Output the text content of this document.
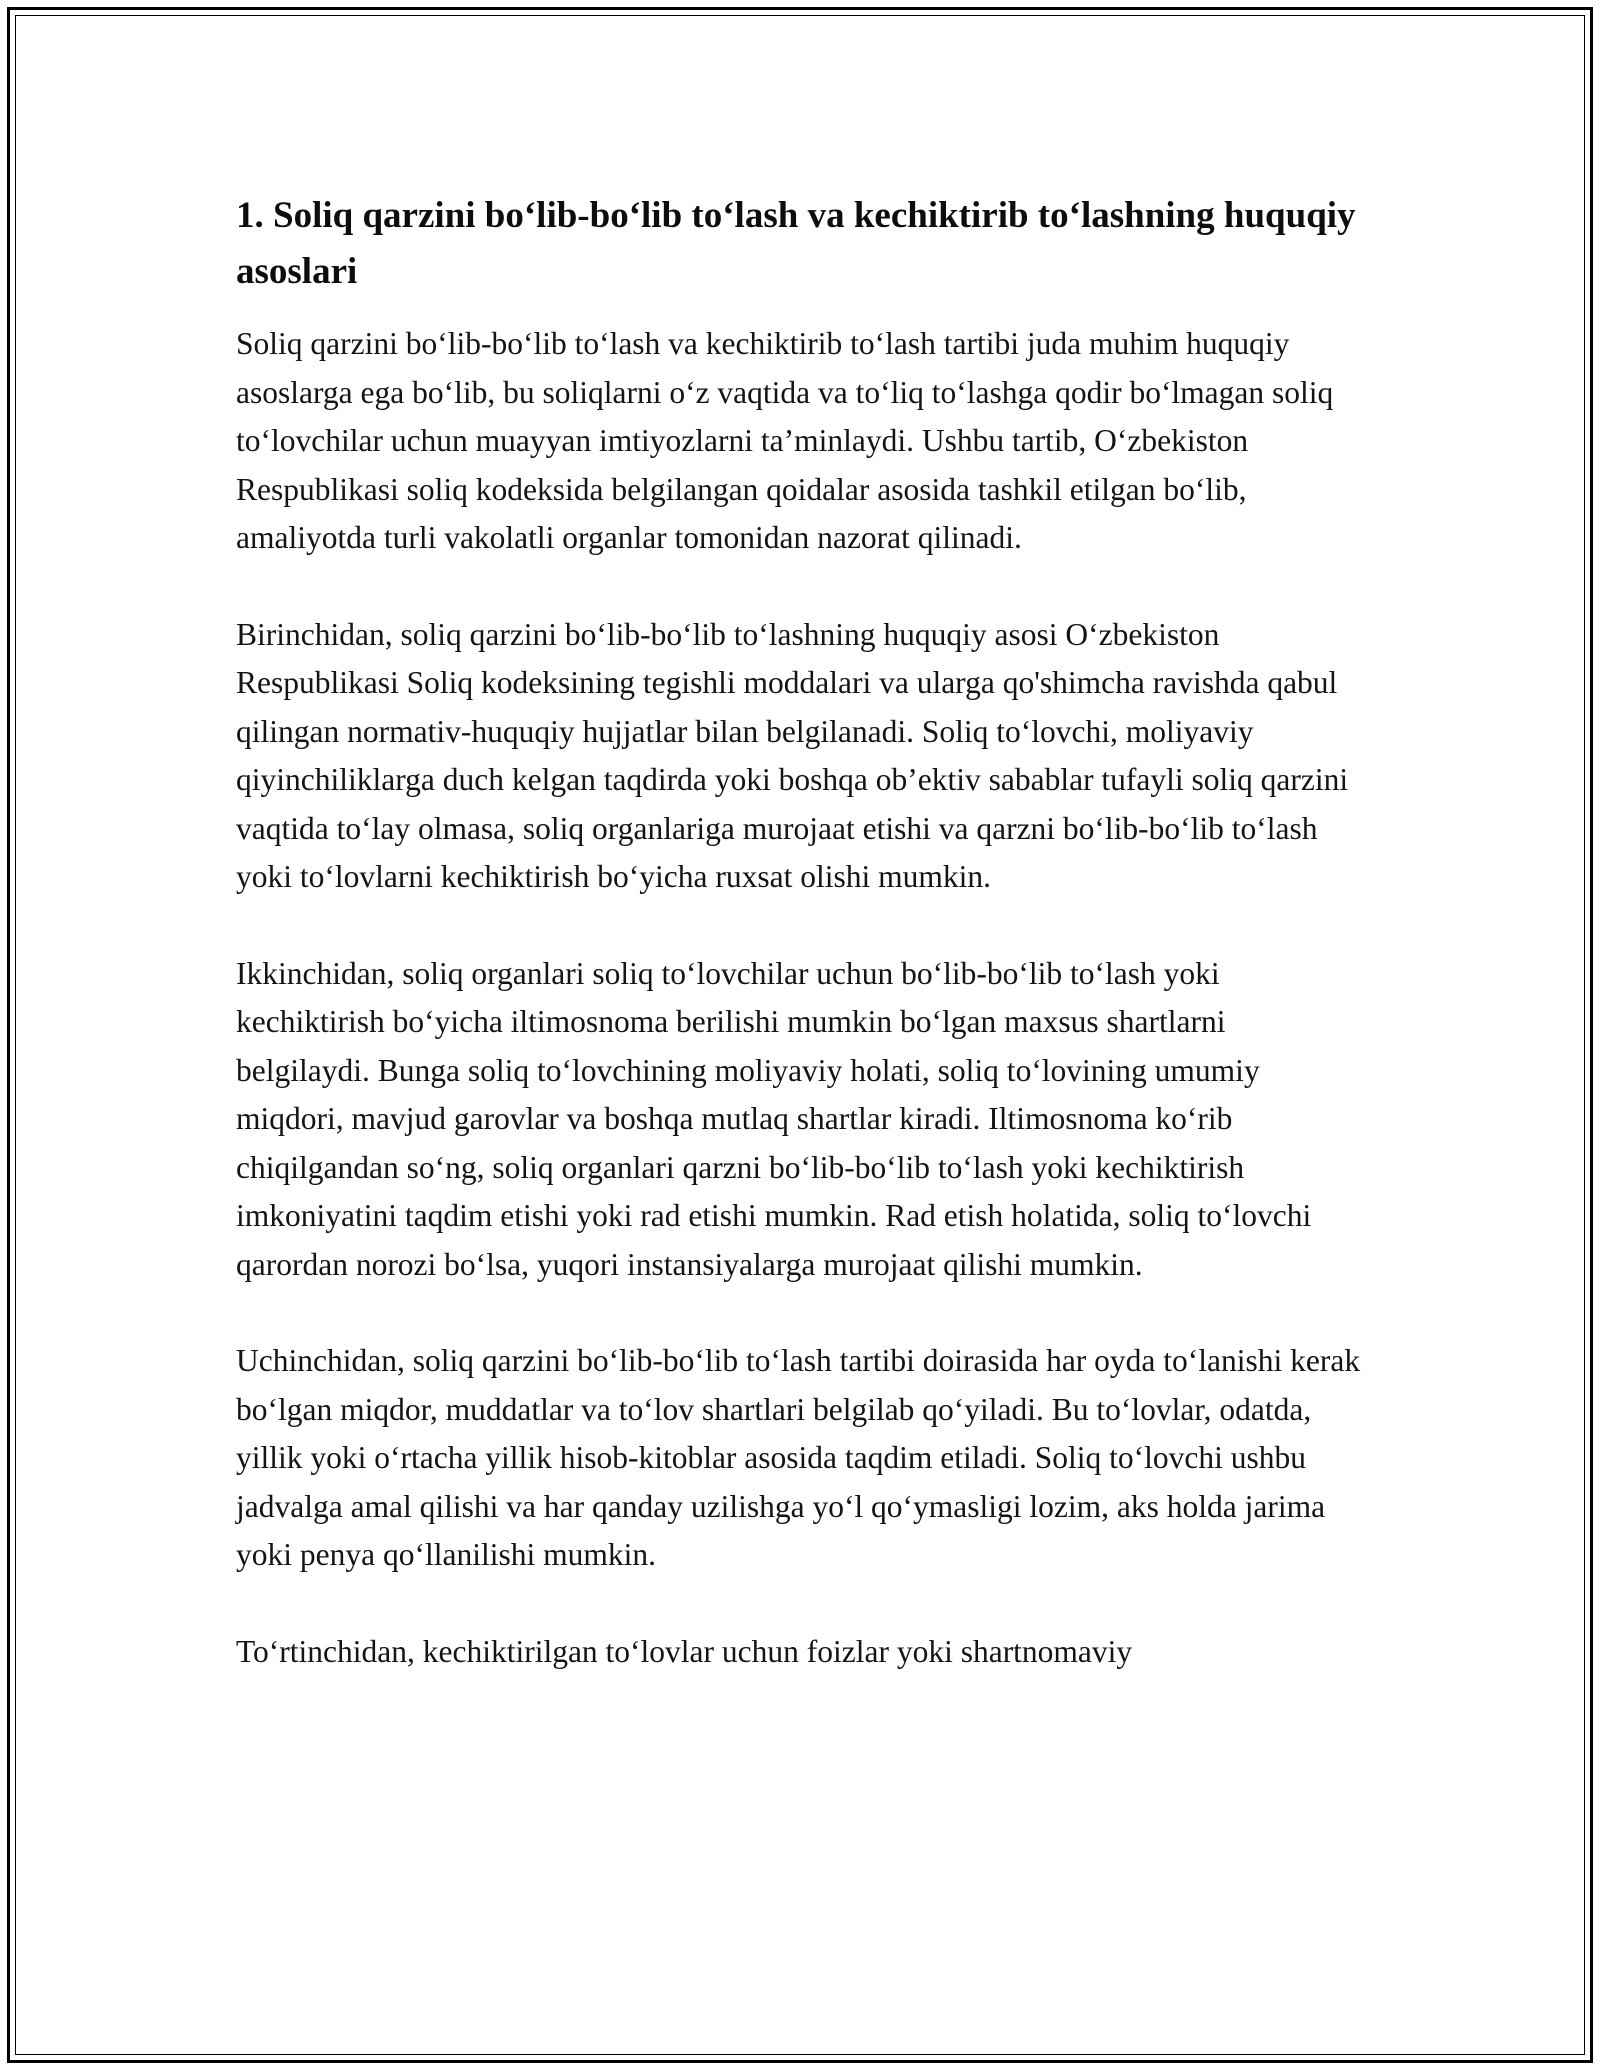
1. Soliq qarzini bo‘lib-bo‘lib to‘lash va kechiktirib to‘lashning huquqiy asoslari

Soliq qarzini bo‘lib-bo‘lib to‘lash va kechiktirib to‘lash tartibi juda muhim huquqiy asoslarga ega bo‘lib, bu soliqlarni o‘z vaqtida va to‘liq to‘lashga qodir bo‘lmagan soliq to‘lovchilar uchun muayyan imtiyozlarni ta’minlaydi. Ushbu tartib, O‘zbekiston Respublikasi soliq kodeksida belgilangan qoidalar asosida tashkil etilgan bo‘lib, amaliyotda turli vakolatli organlar tomonidan nazorat qilinadi.

Birinchidan, soliq qarzini bo‘lib-bo‘lib to‘lashning huquqiy asosi O‘zbekiston Respublikasi Soliq kodeksining tegishli moddalari va ularga qo'shimcha ravishda qabul qilingan normativ-huquqiy hujjatlar bilan belgilanadi. Soliq to‘lovchi, moliyaviy qiyinchiliklarga duch kelgan taqdirda yoki boshqa ob’ektiv sabablar tufayli soliq qarzini vaqtida to‘lay olmasa, soliq organlariga murojaat etishi va qarzni bo‘lib-bo‘lib to‘lash yoki to‘lovlarni kechiktirish bo‘yicha ruxsat olishi mumkin.

Ikkinchidan, soliq organlari soliq to‘lovchilar uchun bo‘lib-bo‘lib to‘lash yoki kechiktirish bo‘yicha iltimosnoma berilishi mumkin bo‘lgan maxsus shartlarni belgilaydi. Bunga soliq to‘lovchining moliyaviy holati, soliq to‘lovining umumiy miqdori, mavjud garovlar va boshqa mutlaq shartlar kiradi. Iltimosnoma ko‘rib chiqilgandan so‘ng, soliq organlari qarzni bo‘lib-bo‘lib to‘lash yoki kechiktirish imkoniyatini taqdim etishi yoki rad etishi mumkin. Rad etish holatida, soliq to‘lovchi qarordan norozi bo‘lsa, yuqori instansiyalarga murojaat qilishi mumkin.

Uchinchidan, soliq qarzini bo‘lib-bo‘lib to‘lash tartibi doirasida har oyda to‘lanishi kerak bo‘lgan miqdor, muddatlar va to‘lov shartlari belgilab qo‘yiladi. Bu to‘lovlar, odatda, yillik yoki o‘rtacha yillik hisob-kitoblar asosida taqdim etiladi. Soliq to‘lovchi ushbu jadvalga amal qilishi va har qanday uzilishga yo‘l qo‘ymasligi lozim, aks holda jarima yoki penya qo‘llanilishi mumkin.

To‘rtinchidan, kechiktirilgan to‘lovlar uchun foizlar yoki shartnomaviy
